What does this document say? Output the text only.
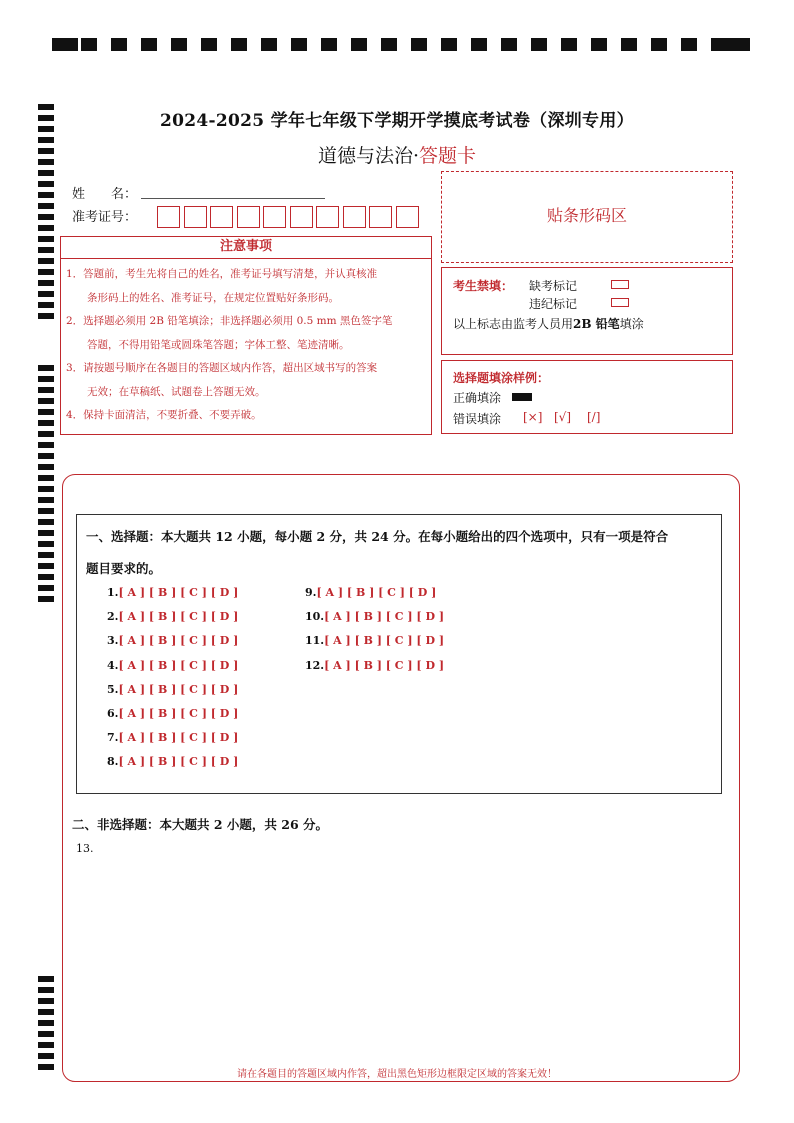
2024-2025 学年七年级下学期开学摸底考试卷（深圳专用）
道德与法治·答题卡
姓　　名：
准考证号：	贴条形码区
注意事项
1．答题前，考生先将自己的姓名，准考证号填写清楚，并认真核准
　　条形码上的姓名、准考证号，在规定位置贴好条形码。
2．选择题必须用 2B 铅笔填涂；非选择题必须用 0.5 mm 黑色签字笔
　　答题，不得用铅笔或圆珠笔答题；字体工整、笔迹清晰。
3．请按题号顺序在各题目的答题区域内作答，超出区域书写的答案
　　无效；在草稿纸、试题卷上答题无效。
4．保持卡面清洁，不要折叠、不要弄破。
考生禁填： 缺考标记
违纪标记
以上标志由监考人员用2B 铅笔填涂
选择题填涂样例：
正确填涂
错误填涂 [×] [√] [/]
一、选择题：本大题共 12 小题，每小题 2 分，共 24 分。在每小题给出的四个选项中，只有一项是符合
题目要求的。
1.[ A ] [ B ] [ C ] [ D ]
2.[ A ] [ B ] [ C ] [ D ]
3.[ A ] [ B ] [ C ] [ D ]
4.[ A ] [ B ] [ C ] [ D ]
5.[ A ] [ B ] [ C ] [ D ]
6.[ A ] [ B ] [ C ] [ D ]
7.[ A ] [ B ] [ C ] [ D ]
8.[ A ] [ B ] [ C ] [ D ]
9.[ A ] [ B ] [ C ] [ D ]
10.[ A ] [ B ] [ C ] [ D ]
11.[ A ] [ B ] [ C ] [ D ]
12.[ A ] [ B ] [ C ] [ D ]
二、非选择题：本大题共 2 小题，共 26 分。
13.
请在各题目的答题区域内作答，超出黑色矩形边框限定区域的答案无效！
